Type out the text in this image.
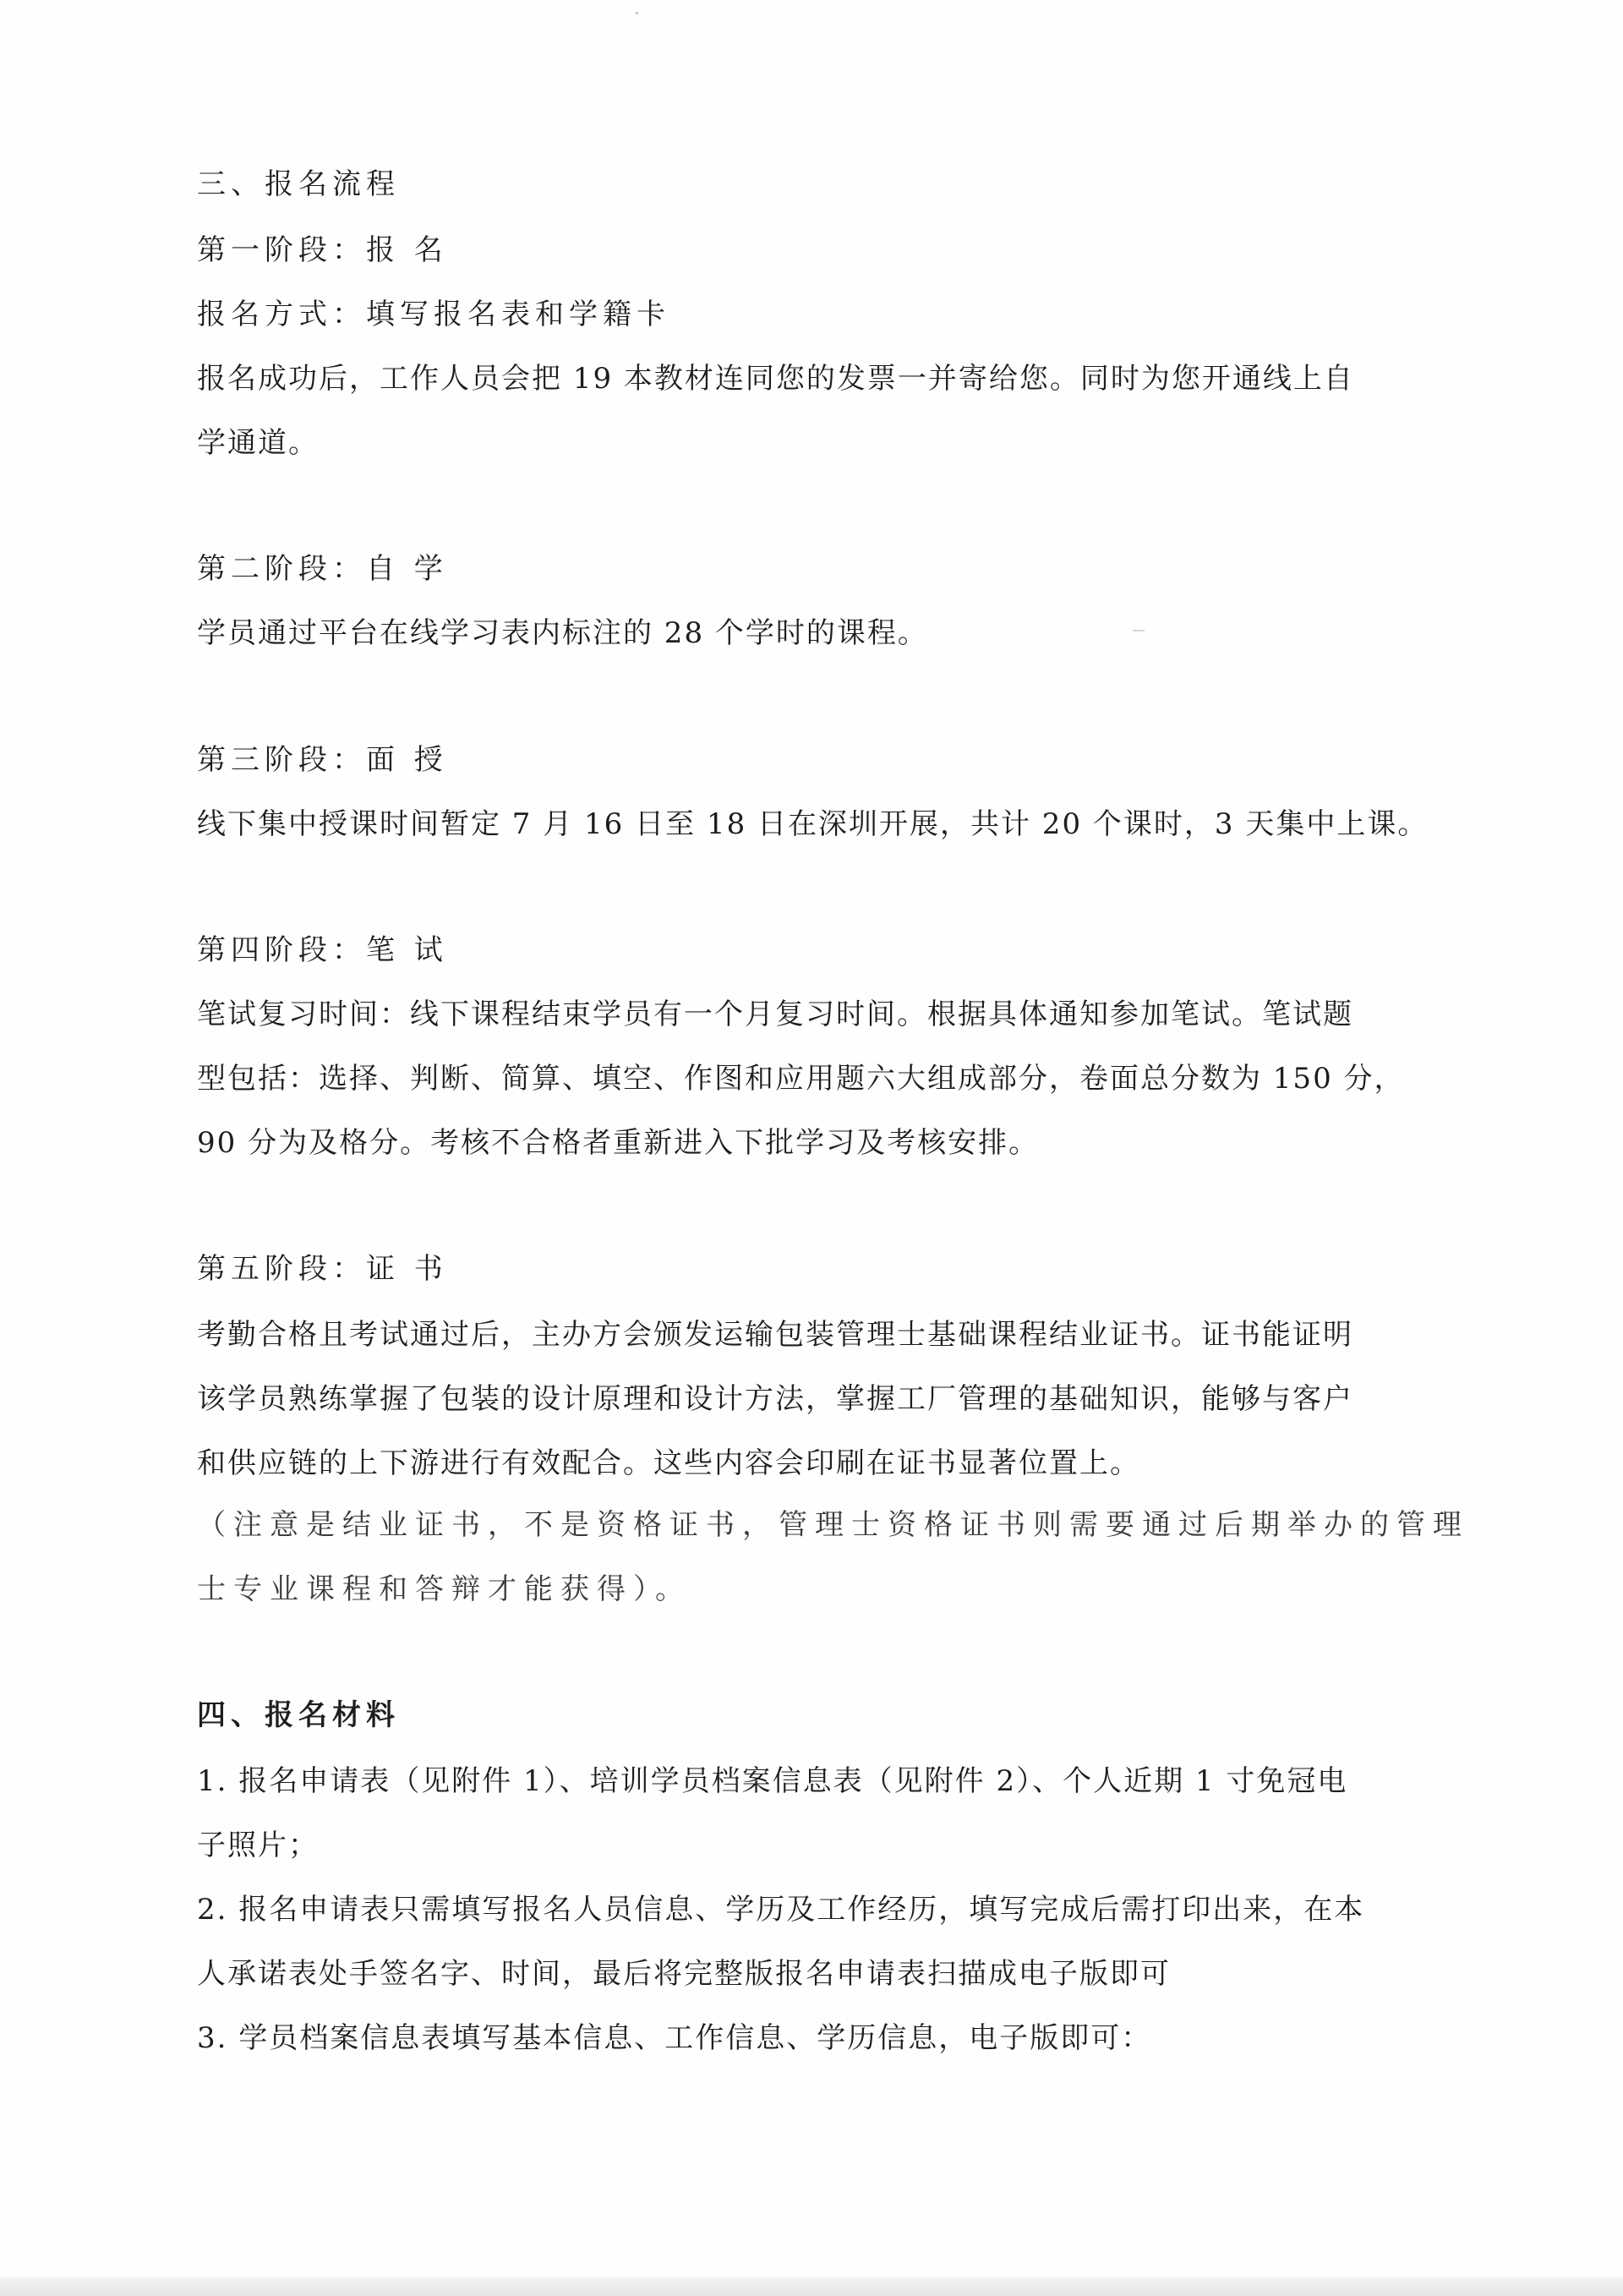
三、报名流程
第一阶段：报 名
报名方式：填写报名表和学籍卡
报名成功后，工作人员会把 19 本教材连同您的发票一并寄给您。同时为您开通线上自
学通道。
第二阶段：自 学
学员通过平台在线学习表内标注的 28 个学时的课程。
第三阶段：面 授
线下集中授课时间暂定 7 月 16 日至 18 日在深圳开展，共计 20 个课时，3 天集中上课。
第四阶段：笔 试
笔试复习时间：线下课程结束学员有一个月复习时间。根据具体通知参加笔试。笔试题
型包括：选择、判断、简算、填空、作图和应用题六大组成部分，卷面总分数为 150 分，
90 分为及格分。考核不合格者重新进入下批学习及考核安排。
第五阶段：证 书
考勤合格且考试通过后，主办方会颁发运输包装管理士基础课程结业证书。证书能证明
该学员熟练掌握了包装的设计原理和设计方法，掌握工厂管理的基础知识，能够与客户
和供应链的上下游进行有效配合。这些内容会印刷在证书显著位置上。
（注意是结业证书，不是资格证书，管理士资格证书则需要通过后期举办的管理
士专业课程和答辩才能获得）。
四、报名材料
1. 报名申请表（见附件 1）、培训学员档案信息表（见附件 2）、个人近期 1 寸免冠电
子照片；
2. 报名申请表只需填写报名人员信息、学历及工作经历，填写完成后需打印出来，在本
人承诺表处手签名字、时间，最后将完整版报名申请表扫描成电子版即可
3. 学员档案信息表填写基本信息、工作信息、学历信息，电子版即可：
